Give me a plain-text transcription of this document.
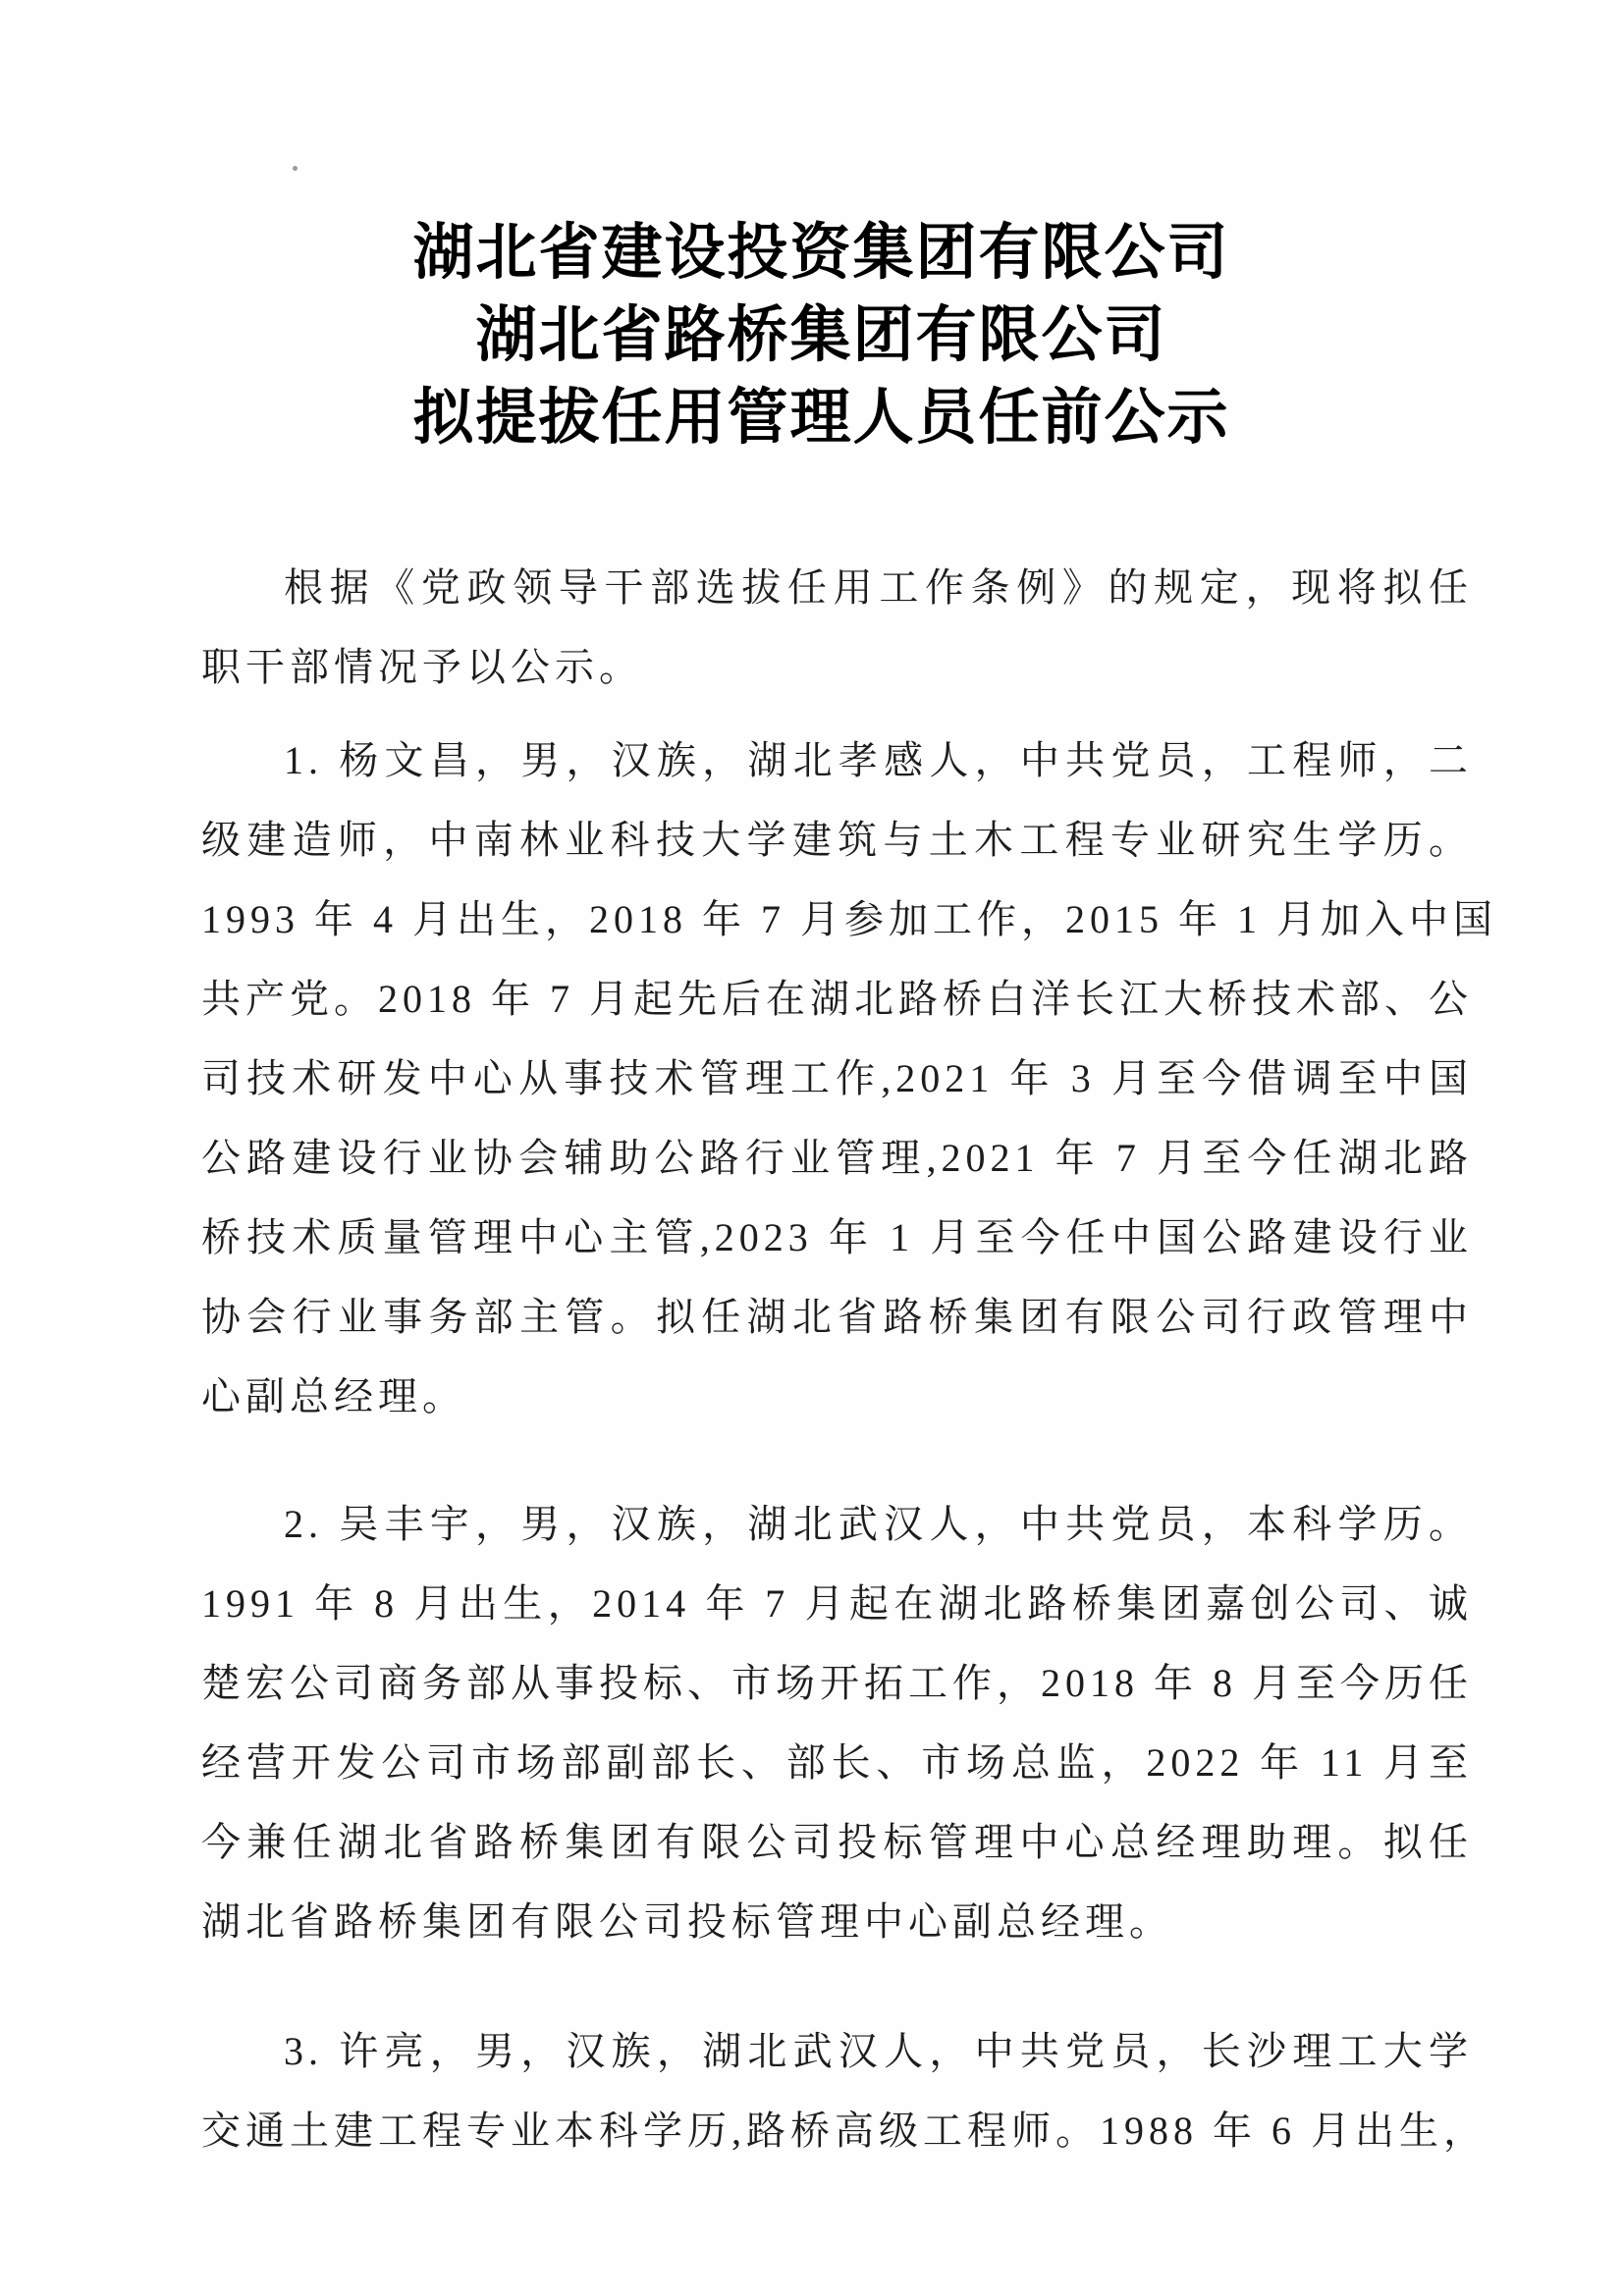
湖北省建设投资集团有限公司
湖北省路桥集团有限公司
拟提拔任用管理人员任前公示
根据《党政领导干部选拔任用工作条例》的规定，现将拟任
职干部情况予以公示。
1. 杨文昌，男，汉族，湖北孝感人，中共党员，工程师，二
级建造师，中南林业科技大学建筑与土木工程专业研究生学历。
1993 年 4 月出生，2018 年 7 月参加工作，2015 年 1 月加入中国
共产党。2018 年 7 月起先后在湖北路桥白洋长江大桥技术部、公
司技术研发中心从事技术管理工作,2021 年 3 月至今借调至中国
公路建设行业协会辅助公路行业管理,2021 年 7 月至今任湖北路
桥技术质量管理中心主管,2023 年 1 月至今任中国公路建设行业
协会行业事务部主管。拟任湖北省路桥集团有限公司行政管理中
心副总经理。
2. 吴丰宇，男，汉族，湖北武汉人，中共党员，本科学历。
1991 年 8 月出生，2014 年 7 月起在湖北路桥集团嘉创公司、诚
楚宏公司商务部从事投标、市场开拓工作，2018 年 8 月至今历任
经营开发公司市场部副部长、部长、市场总监，2022 年 11 月至
今兼任湖北省路桥集团有限公司投标管理中心总经理助理。拟任
湖北省路桥集团有限公司投标管理中心副总经理。
3. 许亮，男，汉族，湖北武汉人，中共党员，长沙理工大学
交通土建工程专业本科学历,路桥高级工程师。1988 年 6 月出生，
